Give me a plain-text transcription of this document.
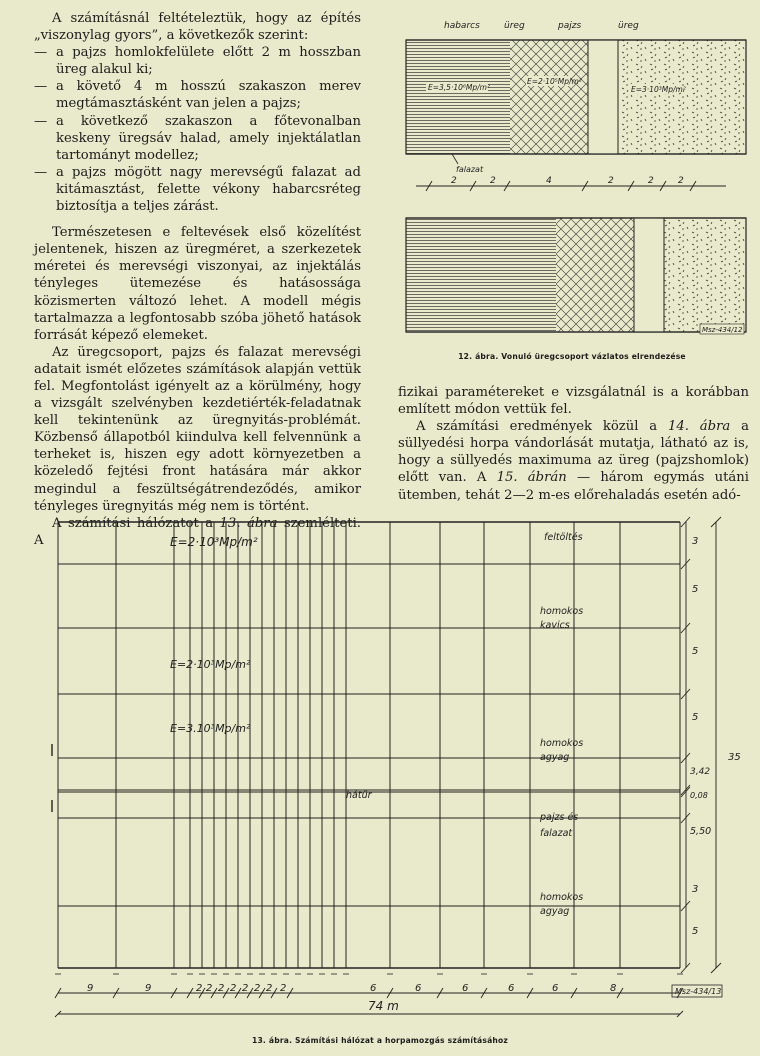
A számításnál feltételeztük, hogy az építés „viszonylag gyors”, a következők szerint:

— a pajzs homlokfelülete előtt 2 m hosszban üreg alakul ki;
— a követő 4 m hosszú szakaszon merev megtámasztásként van jelen a pajzs;
— a következő szakaszon a főtevonalban keskeny üregsáv halad, amely injektálatlan tartományt modellez;
— a pajzs mögött nagy merevségű falazat ad kitámasztást, felette vékony habarcsréteg biztosítja a teljes zárást.

Természetesen e feltevések első közelítést jelentenek, hiszen az üregméret, a szerkezetek méretei és merevségi viszonyai, az injektálás tényleges ütemezése és hatásossága közismerten változó lehet. A modell mégis tartalmazza a legfontosabb szóba jöhető hatások forrását képező elemeket.

Az üregcsoport, pajzs és falazat merevségi adatait ismét előzetes számítások alapján vettük fel. Megfontolást igényelt az a körülmény, hogy a vizsgált szelvényben kezdetiérték-feladatnak kell tekintenünk az üregnyitás-problémát. Közbenső állapotból kiindulva kell felvennünk a terheket is, hiszen egy adott környezetben a közeledő fejtési front hatására már akkor megindul a feszültségátrendeződés, amikor tényleges üregnyitás még nem is történt.

A számítási hálózatot a 13. ábra szemlélteti. A

habarcs	üreg	pajzs	üreg
E=3,5·10⁶Mp/m²
E=2·10⁵Mp/m²
E=3·10³Mp/m²
falazat
2	2	4	2	2	2
Msz-434/12
12. ábra. Vonuló üregcsoport vázlatos elrendezése

fizikai paramétereket e vizsgálatnál is a korábban említett módon vettük fel.

A számítási eredmények közül a 14. ábra a süllyedési horpa vándorlását mutatja, látható az is, hogy a süllyedés maximuma az üreg (pajzshomlok) előtt van. A 15. ábrán — három egymás utáni ütemben, tehát 2—2 m-es előrehaladás esetén adó-

E=2·10³Mp/m²
E=2·10³Mp/m²
E=3.10³Mp/m²
feltöltés
homokos
kavics
homokos
agyag
pajzs és
falazat
homokos
agyag
hátűr
3
5
5
5
3,42
0,08
5,50
3
5
35
9	9	2 2 2 2 2 2 2 2	6	6	6	6	6	8
74 m
Msz-434/13
13. ábra. Számítási hálózat a horpamozgás számításához
